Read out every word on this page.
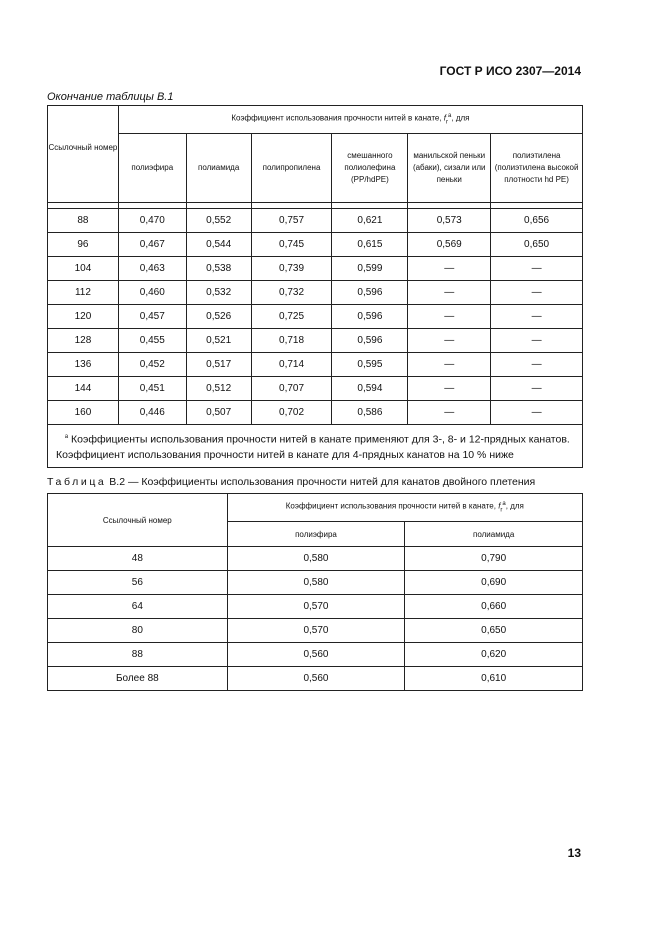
ГОСТ Р ИСО 2307—2014
Окончание таблицы В.1
Ссылочный номер	Коэффициент использования прочности нитей в канате, $f_r^a$, для					
	полиэфира	полиамида	полипропилена	смешанного полиолефина (PP/hdPE)	манильской пеньки (абаки), сизали или пеньки	полиэтилена (полиэтилена высокой плотности hd PE)

88	0,470	0,552	0,757	0,621	0,573	0,656
96	0,467	0,544	0,745	0,615	0,569	0,650
104	0,463	0,538	0,739	0,599	—	—
112	0,460	0,532	0,732	0,596	—	—
120	0,457	0,526	0,725	0,596	—	—
128	0,455	0,521	0,718	0,596	—	—
136	0,452	0,517	0,714	0,595	—	—
144	0,451	0,512	0,707	0,594	—	—
160	0,446	0,507	0,702	0,586	—	—
$^a$ Коэффициенты использования прочности нитей в канате применяют для 3-, 8- и 12-прядных канатов.
Коэффициент использования прочности нитей в канате для 4-прядных канатов на 10 % ниже						
Таблица В.2 — Коэффициенты использования прочности нитей для канатов двойного плетения
Ссылочный номер	Коэффициент использования прочности нитей в канате, $f_r^a$, для	
	полиэфира	полиамида
48	0,580	0,790
56	0,580	0,690
64	0,570	0,660
80	0,570	0,650
88	0,560	0,620
Более 88	0,560	0,610
13
